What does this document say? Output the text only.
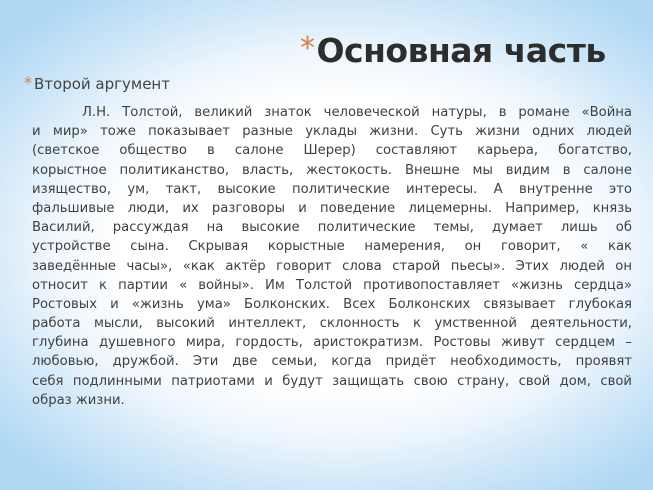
*Основная часть
* Второй аргумент
Л.Н. Толстой, великий знаток человеческой натуры, в романе «Война
и мир» тоже показывает разные уклады жизни. Суть жизни одних людей
(светское общество в салоне Шерер) составляют карьера, богатство,
корыстное политиканство, власть, жестокость. Внешне мы видим в салоне
изящество, ум, такт, высокие политические интересы. А внутренне это
фальшивые люди, их разговоры и поведение лицемерны. Например, князь
Василий, рассуждая на высокие политические темы, думает лишь об
устройстве сына. Скрывая корыстные намерения, он говорит, « как
заведённые часы», «как актёр говорит слова старой пьесы». Этих людей он
относит к партии « войны». Им Толстой противопоставляет «жизнь сердца»
Ростовых и «жизнь ума» Болконских. Всех Болконских связывает глубокая
работа мысли, высокий интеллект, склонность к умственной деятельности,
глубина душевного мира, гордость, аристократизм. Ростовы живут сердцем –
любовью, дружбой. Эти две семьи, когда придёт необходимость, проявят
себя подлинными патриотами и будут защищать свою страну, свой дом, свой
образ жизни.
